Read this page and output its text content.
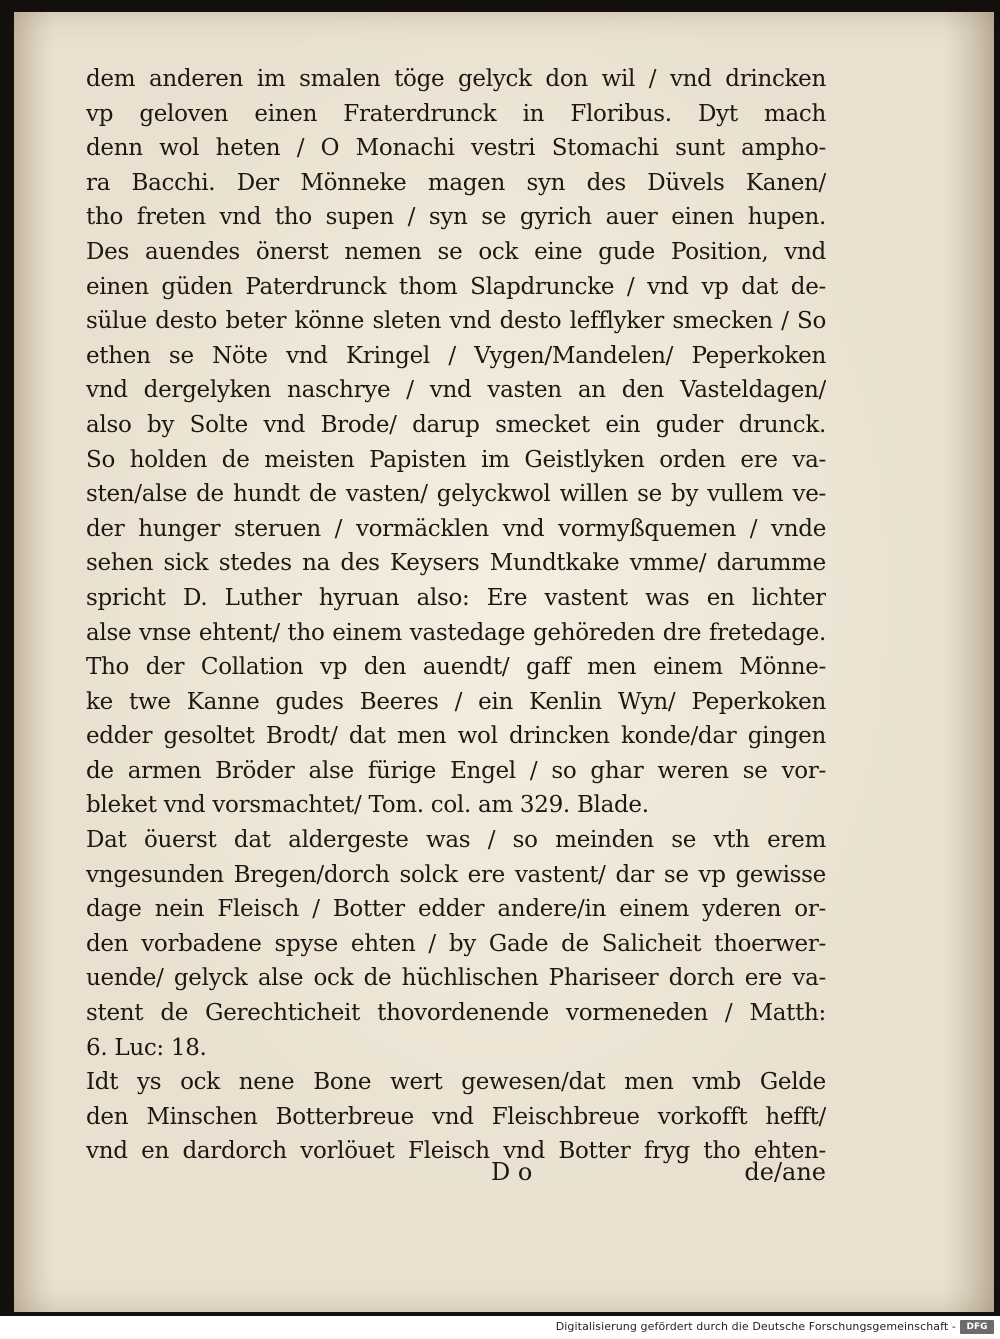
dem anderen im smalen töge gelyck don wil / vnd drincken
vp geloven einen Fraterdrunck in Floribus. Dyt mach
denn wol heten / O Monachi vestri Stomachi sunt ampho-
ra Bacchi. Der Mönneke magen syn des Düvels Kanen/
tho freten vnd tho supen / syn se gyrich auer einen hupen.
Des auendes önerst nemen se ock eine gude Position, vnd
einen güden Paterdrunck thom Slapdruncke / vnd vp dat de-
sülue desto beter könne sleten vnd desto lefflyker smecken / So
ethen se Nöte vnd Kringel / Vygen/Mandelen/ Peperkoken
vnd dergelyken naschrye / vnd vasten an den Vasteldagen/
also by Solte vnd Brode/ darup smecket ein guder drunck.
So holden de meisten Papisten im Geistlyken orden ere va-
sten/alse de hundt de vasten/ gelyckwol willen se by vullem ve-
der hunger steruen / vormäcklen vnd vormyßquemen / vnde
sehen sick stedes na des Keysers Mundtkake vmme/ darumme
spricht D. Luther hyruan also: Ere vastent was en lichter
alse vnse ehtent/ tho einem vastedage gehöreden dre fretedage.
Tho der Collation vp den auendt/ gaff men einem Mönne-
ke twe Kanne gudes Beeres / ein Kenlin Wyn/ Peperkoken
edder gesoltet Brodt/ dat men wol drincken konde/dar gingen
de armen Bröder alse fürige Engel / so ghar weren se vor-
bleket vnd vorsmachtet/ Tom. col. am 329. Blade.
Dat öuerst dat aldergeste was / so meinden se vth erem
vngesunden Bregen/dorch solck ere vastent/ dar se vp gewisse
dage nein Fleisch / Botter edder andere/in einem yderen or-
den vorbadene spyse ehten / by Gade de Salicheit thoerwer-
uende/ gelyck alse ock de hüchlischen Phariseer dorch ere va-
stent de Gerechticheit thovordenende vormeneden / Matth:
6. Luc: 18.
Idt ys ock nene Bone wert gewesen/dat men vmb Gelde
den Minschen Botterbreue vnd Fleischbreue vorkofft hefft/
vnd en dardorch vorlöuet Fleisch vnd Botter fryg tho ehten-
D o	de/ane
Digitalisierung gefördert durch die Deutsche Forschungsgemeinschaft -	DFG
